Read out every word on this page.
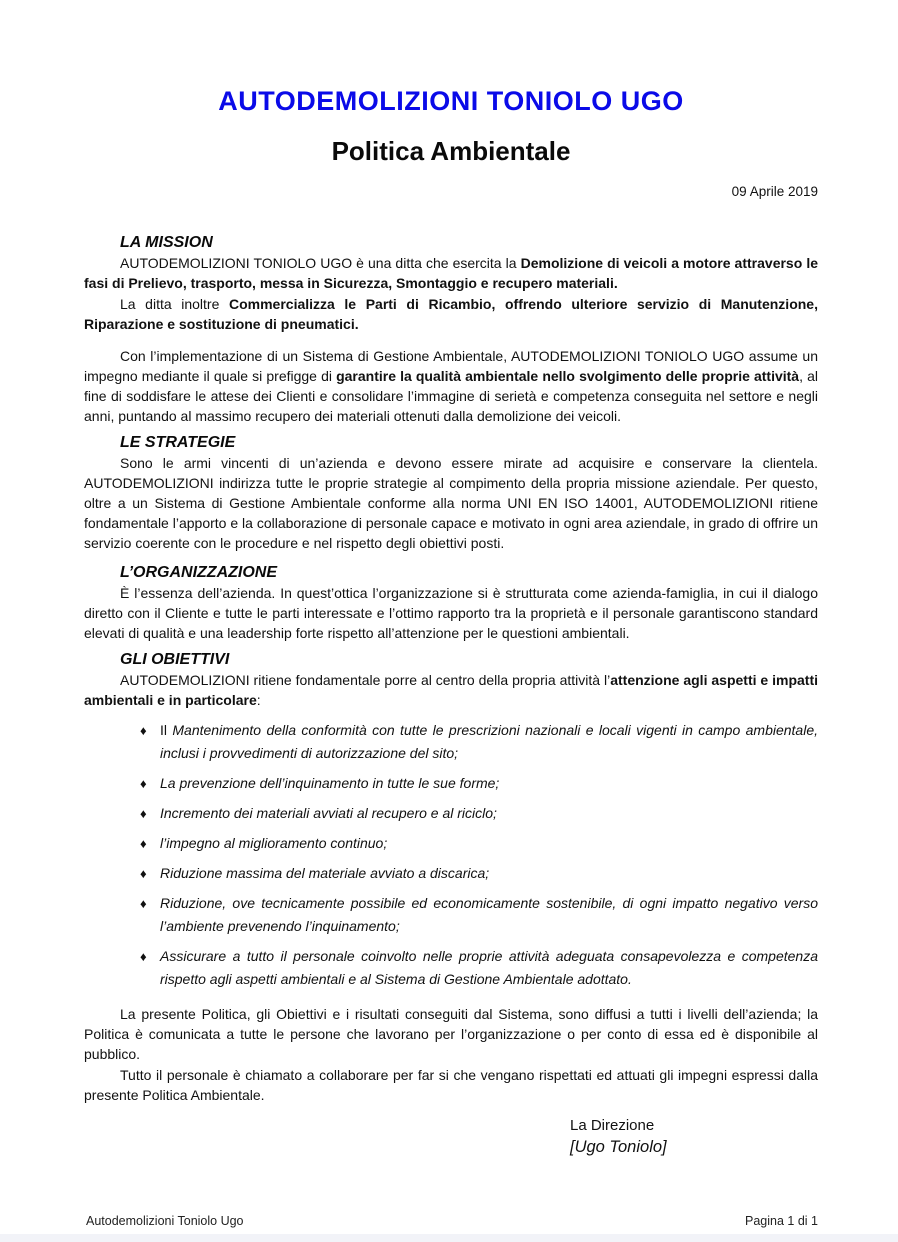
AUTODEMOLIZIONI TONIOLO UGO
Politica Ambientale
09 Aprile 2019
LA MISSION

AUTODEMOLIZIONI TONIOLO UGO è una ditta che esercita la Demolizione di veicoli a motore attraverso le fasi di Prelievo, trasporto, messa in Sicurezza, Smontaggio e recupero materiali.

La ditta inoltre Commercializza le Parti di Ricambio, offrendo ulteriore servizio di Manutenzione, Riparazione e sostituzione di pneumatici.

Con l’implementazione di un Sistema di Gestione Ambientale, AUTODEMOLIZIONI TONIOLO UGO assume un impegno mediante il quale si prefigge di garantire la qualità ambientale nello svolgimento delle proprie attività, al fine di soddisfare le attese dei Clienti e consolidare l’immagine di serietà e competenza conseguita nel settore e negli anni, puntando al massimo recupero dei materiali ottenuti dalla demolizione dei veicoli.

LE STRATEGIE

Sono le armi vincenti di un’azienda e devono essere mirate ad acquisire e conservare la clientela. AUTODEMOLIZIONI indirizza tutte le proprie strategie al compimento della propria missione aziendale. Per questo, oltre a un Sistema di Gestione Ambientale conforme alla norma UNI EN ISO 14001, AUTODEMOLIZIONI ritiene fondamentale l’apporto e la collaborazione di personale capace e motivato in ogni area aziendale, in grado di offrire un servizio coerente con le procedure e nel rispetto degli obiettivi posti.

L’ORGANIZZAZIONE

È l’essenza dell’azienda. In quest’ottica l’organizzazione si è strutturata come azienda-famiglia, in cui il dialogo diretto con il Cliente e tutte le parti interessate e l’ottimo rapporto tra la proprietà e il personale garantiscono standard elevati di qualità e una leadership forte rispetto all’attenzione per le questioni ambientali.

GLI OBIETTIVI

AUTODEMOLIZIONI ritiene fondamentale porre al centro della propria attività l’attenzione agli aspetti e impatti ambientali e in particolare:

♦ Il Mantenimento della conformità con tutte le prescrizioni nazionali e locali vigenti in campo ambientale, inclusi i provvedimenti di autorizzazione del sito;
♦ La prevenzione dell’inquinamento in tutte le sue forme;
♦ Incremento dei materiali avviati al recupero e al riciclo;
♦ l’impegno al miglioramento continuo;
♦ Riduzione massima del materiale avviato a discarica;
♦ Riduzione, ove tecnicamente possibile ed economicamente sostenibile, di ogni impatto negativo verso l’ambiente prevenendo l’inquinamento;
♦ Assicurare a tutto il personale coinvolto nelle proprie attività adeguata consapevolezza e competenza rispetto agli aspetti ambientali e al Sistema di Gestione Ambientale adottato.

La presente Politica, gli Obiettivi e i risultati conseguiti dal Sistema, sono diffusi a tutti i livelli dell’azienda; la Politica è comunicata a tutte le persone che lavorano per l’organizzazione o per conto di essa ed è disponibile al pubblico.

Tutto il personale è chiamato a collaborare per far si che vengano rispettati ed attuati gli impegni espressi dalla presente Politica Ambientale.

La Direzione
[Ugo Toniolo]
Autodemolizioni Toniolo Ugo	Pagina 1 di 1
